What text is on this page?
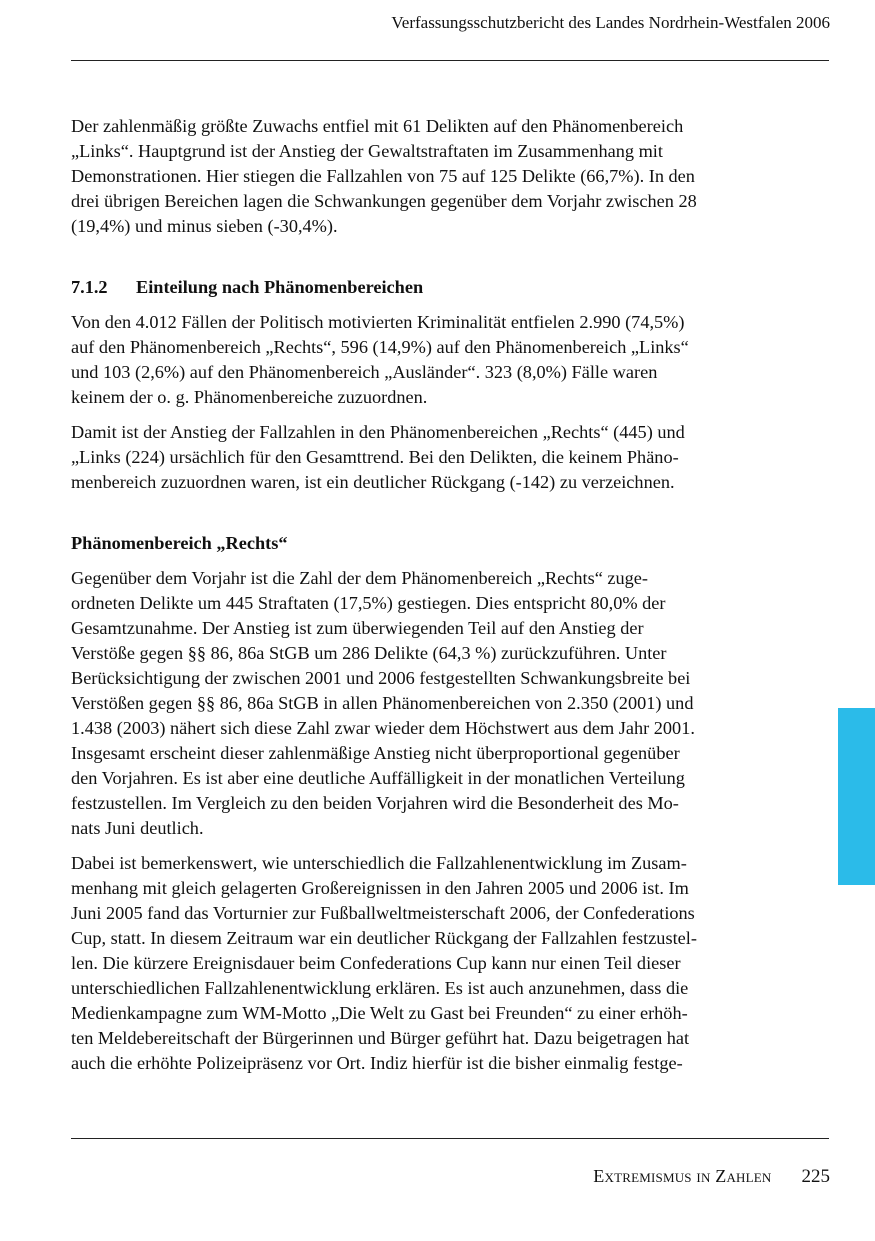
Verfassungsschutzbericht des Landes Nordrhein-Westfalen 2006

Der zahlenmäßig größte Zuwachs entfiel mit 61 Delikten auf den Phänomenbereich
„Links“. Hauptgrund ist der Anstieg der Gewaltstraftaten im Zusammenhang mit
Demonstrationen. Hier stiegen die Fallzahlen von 75 auf 125 Delikte (66,7%). In den
drei übrigen Bereichen lagen die Schwankungen gegenüber dem Vorjahr zwischen 28
(19,4%) und minus sieben (-30,4%).

7.1.2 Einteilung nach Phänomenbereichen

Von den 4.012 Fällen der Politisch motivierten Kriminalität entfielen 2.990 (74,5%)
auf den Phänomenbereich „Rechts“, 596 (14,9%) auf den Phänomenbereich „Links“
und 103 (2,6%) auf den Phänomenbereich „Ausländer“. 323 (8,0%) Fälle waren
keinem der o. g. Phänomenbereiche zuzuordnen.

Damit ist der Anstieg der Fallzahlen in den Phänomenbereichen „Rechts“ (445) und
„Links (224) ursächlich für den Gesamttrend. Bei den Delikten, die keinem Phäno-
menbereich zuzuordnen waren, ist ein deutlicher Rückgang (-142) zu verzeichnen.

Phänomenbereich „Rechts“

Gegenüber dem Vorjahr ist die Zahl der dem Phänomenbereich „Rechts“ zuge-
ordneten Delikte um 445 Straftaten (17,5%) gestiegen. Dies entspricht 80,0% der
Gesamtzunahme. Der Anstieg ist zum überwiegenden Teil auf den Anstieg der
Verstöße gegen §§ 86, 86a StGB um 286 Delikte (64,3 %) zurückzuführen. Unter
Berücksichtigung der zwischen 2001 und 2006 festgestellten Schwankungsbreite bei
Verstößen gegen §§ 86, 86a StGB in allen Phänomenbereichen von 2.350 (2001) und
1.438 (2003) nähert sich diese Zahl zwar wieder dem Höchstwert aus dem Jahr 2001.
Insgesamt erscheint dieser zahlenmäßige Anstieg nicht überproportional gegenüber
den Vorjahren. Es ist aber eine deutliche Auffälligkeit in der monatlichen Verteilung
festzustellen. Im Vergleich zu den beiden Vorjahren wird die Besonderheit des Mo-
nats Juni deutlich.

Dabei ist bemerkenswert, wie unterschiedlich die Fallzahlenentwicklung im Zusam-
menhang mit gleich gelagerten Großereignissen in den Jahren 2005 und 2006 ist. Im
Juni 2005 fand das Vorturnier zur Fußballweltmeisterschaft 2006, der Confederations
Cup, statt. In diesem Zeitraum war ein deutlicher Rückgang der Fallzahlen festzustel-
len. Die kürzere Ereignisdauer beim Confederations Cup kann nur einen Teil dieser
unterschiedlichen Fallzahlenentwicklung erklären. Es ist auch anzunehmen, dass die
Medienkampagne zum WM-Motto „Die Welt zu Gast bei Freunden“ zu einer erhöh-
ten Meldebereitschaft der Bürgerinnen und Bürger geführt hat. Dazu beigetragen hat
auch die erhöhte Polizeipräsenz vor Ort. Indiz hierfür ist die bisher einmalig festge-

Extremismus in Zahlen 225
